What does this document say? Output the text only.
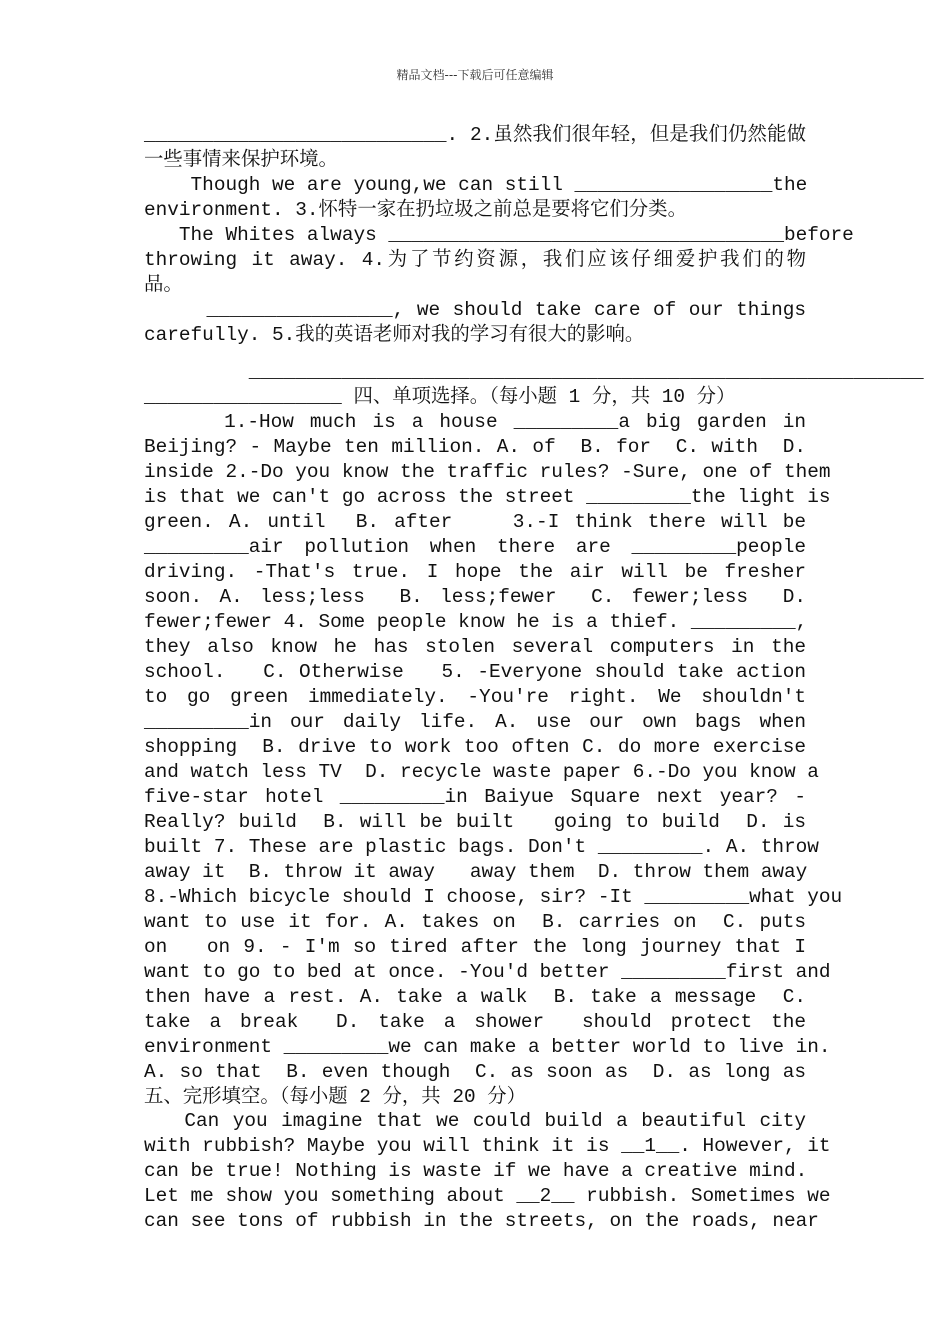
精品文档---下载后可任意编辑
__________________________. 2.虽然我们很年轻，但是我们仍然能做
一些事情来保护环境。
Though we are young,we can still _________________the
environment. 3.怀特一家在扔垃圾之前总是要将它们分类。
The Whites always __________________________________before
throwing it away. 4.为了节约资源，我们应该仔细爱护我们的物
品。
________________, we should take care of our things
carefully. 5.我的英语老师对我的学习有很大的影响。
__________________________________________________________
_________________ 四、单项选择。（每小题 1 分，共 10 分）
1.-How much is a house _________a big garden in
Beijing? - Maybe ten million. A. of  B. for  C. with  D.
inside 2.-Do you know the traffic rules? -Sure, one of them
is that we can′t go across the street _________the light is
green. A. until  B. after    3.-I think there will be
_________air pollution when there are _________people
driving. -That′s true. I hope the air will be fresher
soon. A. less;less  B. less;fewer  C. fewer;less  D.
fewer;fewer 4. Some people know he is a thief. _________,
they also know he has stolen several computers in the
school.   C. Otherwise   5. -Everyone should take action
to go green immediately. -You′re right. We shouldn′t
_________in our daily life. A. use our own bags when
shopping  B. drive to work too often C. do more exercise
and watch less TV  D. recycle waste paper 6.-Do you know a
five-star hotel _________in Baiyue Square next year? -
Really? build  B. will be built   going to build  D. is
built 7. These are plastic bags. Don′t _________. A. throw
away it  B. throw it away   away them  D. throw them away
8.-Which bicycle should I choose, sir? -It _________what you
want to use it for. A. takes on  B. carries on  C. puts
on   on 9. - I′m so tired after the long journey that I
want to go to bed at once. -You′d better _________first and
then have a rest. A. take a walk  B. take a message  C.
take a break  D. take a shower  should protect the
environment _________we can make a better world to live in.
A. so that  B. even though  C. as soon as  D. as long as
五、完形填空。（每小题 2 分，共 20 分）
Can you imagine that we could build a beautiful city
with rubbish? Maybe you will think it is __1__. However, it
can be true! Nothing is waste if we have a creative mind.
Let me show you something about __2__ rubbish. Sometimes we
can see tons of rubbish in the streets, on the roads, near
